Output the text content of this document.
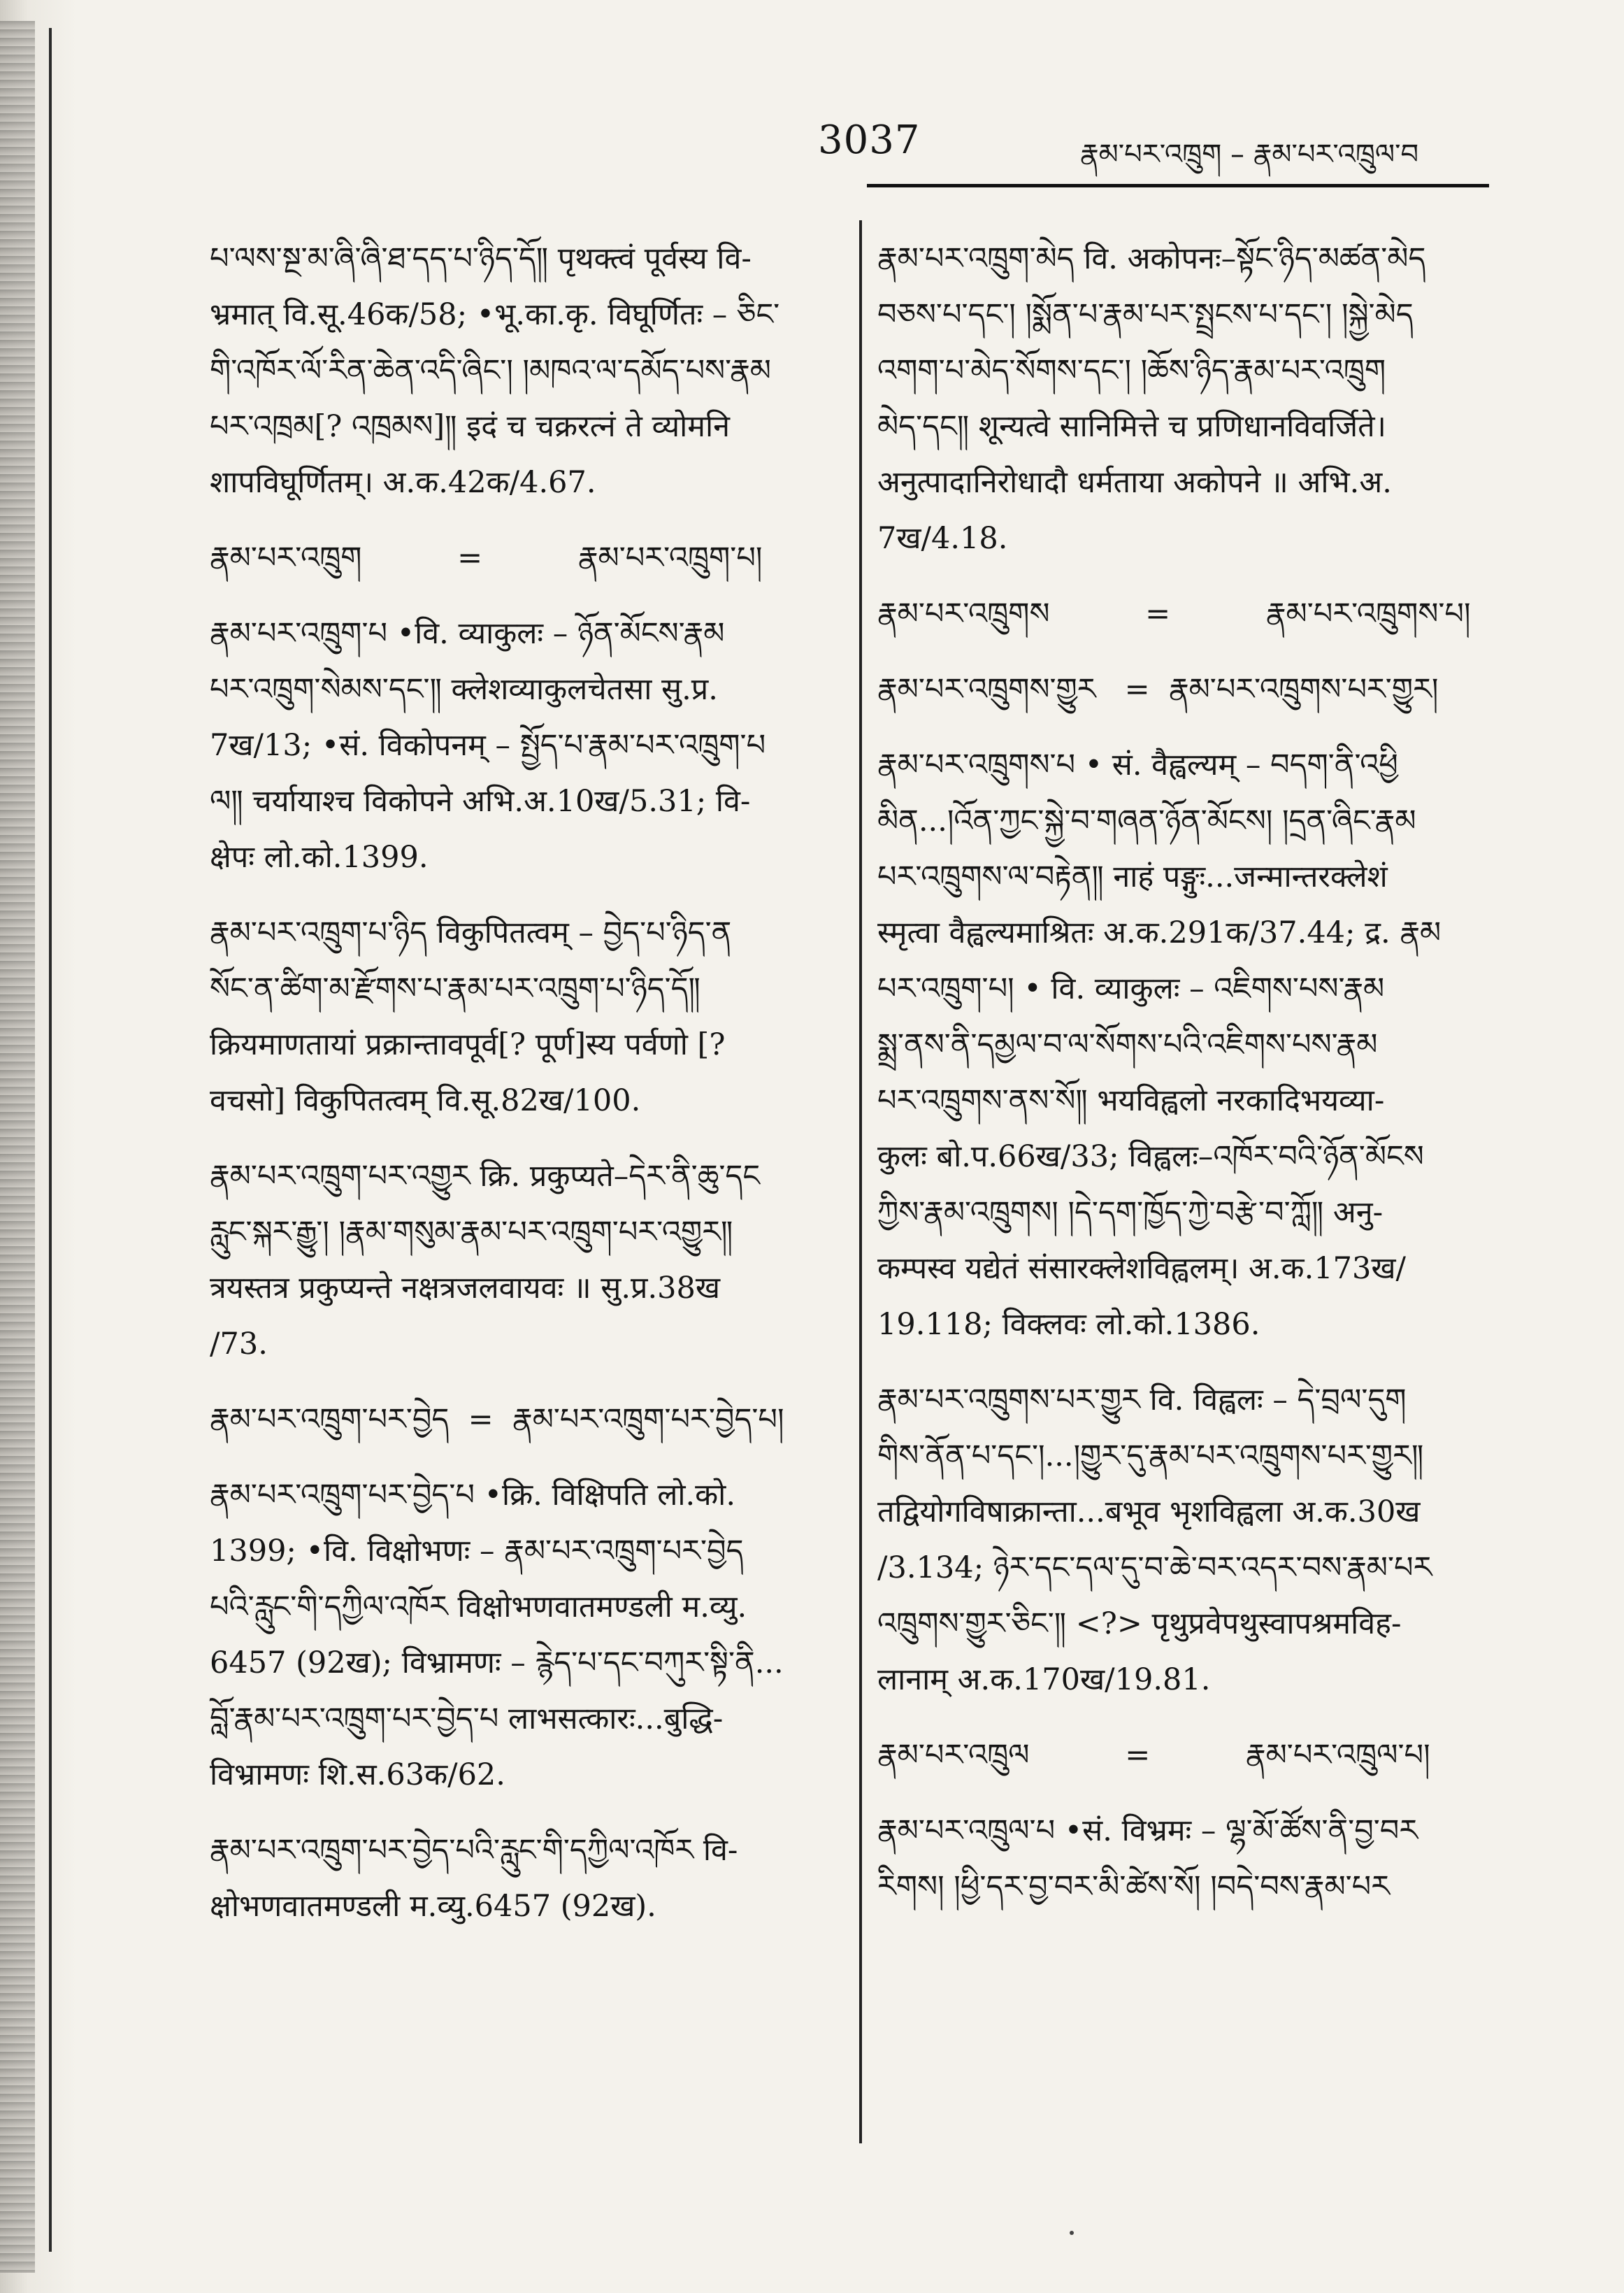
3037	རྣམ་པར་འཁྲུག – རྣམ་པར་འཁྲུལ་བ
པ་ལས་སྔ་མ་ཞི་ཞི་ཐ་དད་པ་ཉིད་དོ༎ पृथक्त्वं पूर्वस्य वि-
भ्रमात् वि.सू.46क/58; •भू.का.कृ. विघूर्णितः – ཅིང་
གི་འཁོར་ལོ་རིན་ཆེན་འདི་ཞིང་། །མཁའ་ལ་དམོད་པས་རྣམ
པར་འཁྲམ[? འཁྲམས]༎ इदं च चक्ररत्नं ते व्योमनि
शापविघूर्णितम्। अ.क.42क/4.67.
རྣམ་པར་འཁྲུག          =          རྣམ་པར་འཁྲུག་པ།
རྣམ་པར་འཁྲུག་པ •वि. व्याकुलः – ཉོན་མོངས་རྣམ
པར་འཁྲུག་སེམས་དང་༎ क्लेशव्याकुलचेतसा सु.प्र.
7ख/13; •सं. विकोपनम् – སྤྱོད་པ་རྣམ་པར་འཁྲུག་པ
ལ༎ चर्यायाश्च विकोपने अभि.अ.10ख/5.31; वि-
क्षेपः लो.को.1399.
རྣམ་པར་འཁྲུག་པ་ཉིད विकुपितत्वम् – བྱེད་པ་ཉིད་ན
སོང་ན་ཚིག་མ་རྫོགས་པ་རྣམ་པར་འཁྲུག་པ་ཉིད་དོ༎
क्रियमाणतायां प्रक्रान्तावपूर्व[? पूर्ण]स्य पर्वणो [?
वचसो] विकुपितत्वम् वि.सू.82ख/100.
རྣམ་པར་འཁྲུག་པར་འགྱུར क्रि. प्रकुप्यते–དེར་ནི་ཆུ་དང
རླུང་སྐར་རྒྱུ་། །རྣམ་གསུམ་རྣམ་པར་འཁྲུག་པར་འགྱུར༎
त्रयस्तत्र प्रकुप्यन्ते नक्षत्रजलवायवः ॥ सु.प्र.38ख
/73.
རྣམ་པར་འཁྲུག་པར་བྱེད  =  རྣམ་པར་འཁྲུག་པར་བྱེད་པ།
རྣམ་པར་འཁྲུག་པར་བྱེད་པ •क्रि. विक्षिपति लो.को.
1399; •वि. विक्षोभणः – རྣམ་པར་འཁྲུག་པར་བྱེད
པའི་རླུང་གི་དཀྱིལ་འཁོར विक्षोभणवातमण्डली म.व्यु.
6457 (92ख); विभ्रामणः – རྙེད་པ་དང་བཀུར་སྟི་ནི...
བློ་རྣམ་པར་འཁྲུག་པར་བྱེད་པ लाभसत्कारः...बुद्धि-
विभ्रामणः शि.स.63क/62.
རྣམ་པར་འཁྲུག་པར་བྱེད་པའི་རླུང་གི་དཀྱིལ་འཁོར वि-
क्षोभणवातमण्डली म.व्यु.6457 (92ख).
རྣམ་པར་འཁྲུག་མེད वि. अकोपनः–སྟོང་ཉིད་མཚན་མེད
བཅས་པ་དང་། །སྨོན་པ་རྣམ་པར་སྤྲངས་པ་དང་། །སྐྱེ་མེད
འགག་པ་མེད་སོགས་དང་། །ཆོས་ཉིད་རྣམ་པར་འཁྲུག
མེད་དང༎ शून्यत्वे सानिमित्ते च प्रणिधानविवर्जिते।
अनुत्पादानिरोधादौ धर्मताया अकोपने ॥ अभि.अ.
7ख/4.18.
རྣམ་པར་འཁྲུགས          =          རྣམ་པར་འཁྲུགས་པ།
རྣམ་པར་འཁྲུགས་གྱུར   =  རྣམ་པར་འཁྲུགས་པར་གྱུར།
རྣམ་པར་འཁྲུགས་པ • सं. वैह्वल्यम् – བདག་ནི་འཕྱི
མིན...།འོན་ཀྱང་སྐྱེ་བ་གཞན་ཉོན་མོངས། །དྲན་ཞིང་རྣམ
པར་འཁྲུགས་ལ་བརྟེན༎ नाहं पङ्गुः...जन्मान्तरक्लेशं
स्मृत्वा वैह्वल्यमाश्रितः अ.क.291क/37.44; द्र. རྣམ
པར་འཁྲུག་པ། • वि. व्याकुलः – འཇིགས་པས་རྣམ
སྨྲ་ནས་ནི་དམྱལ་བ་ལ་སོགས་པའི་འཇིགས་པས་རྣམ
པར་འཁྲུགས་ནས་སོ༎ भयविह्वलो नरकादिभयव्या-
कुलः बो.प.66ख/33; विह्वलः–འཁོར་བའི་ཉོན་མོངས
ཀྱིས་རྣམ་འཁྲུགས། །དེ་དག་ཁྱོད་ཀྱེ་བརྩེ་བ་ཀློ༎ अनु-
कम्पस्व यद्येतं संसारक्लेशविह्वलम्। अ.क.173ख/
19.118; विक्लवः लो.को.1386.
རྣམ་པར་འཁྲུགས་པར་གྱུར वि. विह्वलः – དེ་བྲལ་དུག
གིས་ནོན་པ་དང་།...།གྱུར་དུ་རྣམ་པར་འཁྲུགས་པར་གྱུར༎
तद्वियोगविषाक्रान्ता...बभूव भृशविह्वला अ.क.30ख
/3.134; ཉེར་དང་དལ་དུ་བ་ཆེ་བར་འདར་བས་རྣམ་པར
འཁྲུགས་གྱུར་ཅིང་༎ <?> पृथुप्रवेपथुस्वापश्रमविह-
लानाम् अ.क.170ख/19.81.
རྣམ་པར་འཁྲུལ          =          རྣམ་པར་འཁྲུལ་པ།
རྣམ་པར་འཁྲུལ་པ •सं. विभ्रमः – ལྷ་མོ་ཚོས་ནི་བྱ་བར
རིགས། །ཕྱི་དར་བྱ་བར་མི་ཚེས་སོ། །བདེ་བས་རྣམ་པར
